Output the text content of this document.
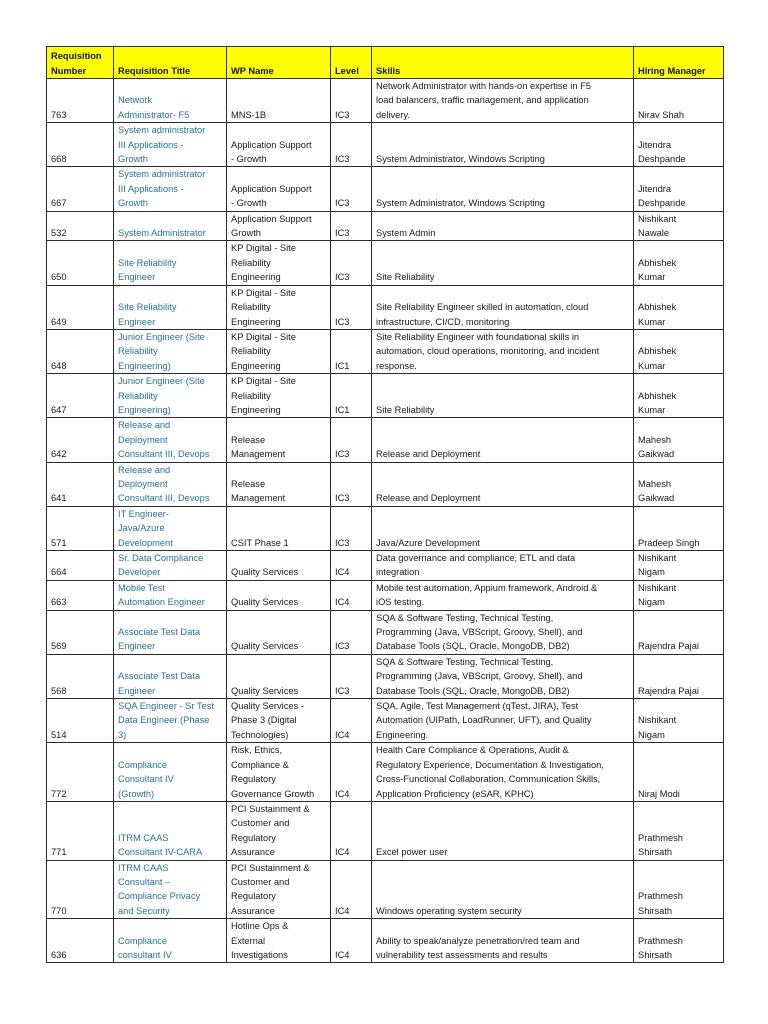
Requisition
Number	Requisition Title	WP Name	Level	Skills	Hiring Manager
763	Network
Administrator- F5	MNS-1B	IC3	Network Administrator with hands-on expertise in F5
load balancers, traffic management, and application
delivery.	Nirav Shah

668	System administrator
III Applications -
Growth	Application Support
- Growth	IC3	System Administrator, Windows Scripting	Jitendra
Deshpande

667	System administrator
III Applications -
Growth	Application Support
- Growth	IC3	System Administrator, Windows Scripting	Jitendra
Deshpande

532	System Administrator	Application Support
Growth	IC3	System Admin	Nishikant
Nawale

650	Site Reliability
Engineer	KP Digital - Site
Reliability
Engineering	IC3	Site Reliability	Abhishek
Kumar

649	Site Reliability
Engineer	KP Digital - Site
Reliability
Engineering	IC3	Site Reliability Engineer skilled in automation, cloud
infrastructure, CI/CD, monitoring	Abhishek
Kumar

648	Junior Engineer (Site
Reliability
Engineering)	KP Digital - Site
Reliability
Engineering	IC1	Site Reliability Engineer with foundational skills in
automation, cloud operations, monitoring, and incident
response.	Abhishek
Kumar

647	Junior Engineer (Site
Reliability
Engineering)	KP Digital - Site
Reliability
Engineering	IC1	Site Reliability	Abhishek
Kumar

642	Release and
Deployment
Consultant III, Devops	Release
Management	IC3	Release and Deployment	Mahesh
Gaikwad

641	Release and
Deployment
Consultant III, Devops	Release
Management	IC3	Release and Deployment	Mahesh
Gaikwad

571	IT Engineer-
Java/Azure
Development	CSIT Phase 1	IC3	Java/Azure Development	Pradeep Singh

664	Sr. Data Compliance
Developer	Quality Services	IC4	Data governance and compliance, ETL and data
integration	Nishikant
Nigam

663	Mobile Test
Automation Engineer	Quality Services	IC4	Mobile test automation, Appium framework, Android &
iOS testing.	Nishikant
Nigam

569	Associate Test Data
Engineer	Quality Services	IC3	SQA & Software Testing, Technical Testing,
Programming (Java, VBScript, Groovy, Shell), and
Database Tools (SQL, Oracle, MongoDB, DB2)	Rajendra Pajai

568	Associate Test Data
Engineer	Quality Services	IC3	SQA & Software Testing, Technical Testing,
Programming (Java, VBScript, Groovy, Shell), and
Database Tools (SQL, Oracle, MongoDB, DB2)	Rajendra Pajai

514	SQA Engineer - Sr Test
Data Engineer (Phase
3)	Quality Services -
Phase 3 (Digital
Technologies)	IC4	SQA, Agile, Test Management (qTest, JIRA), Test
Automation (UIPath, LoadRunner, UFT), and Quality
Engineering.	Nishikant
Nigam

772	Compliance
Consultant IV
(Growth)	Risk, Ethics,
Compliance &
Regulatory
Governance Growth	IC4	Health Care Compliance & Operations, Audit &
Regulatory Experience, Documentation & Investigation,
Cross-Functional Collaboration, Communication Skills,
Application Proficiency (eSAR, KPHC)	Niraj Modi

771	ITRM CAAS
Consultant IV-CARA	PCI Sustainment &
Customer and
Regulatory
Assurance	IC4	Excel power user	Prathmesh
Shirsath

770	ITRM CAAS
Consultant –
Compliance Privacy
and Security	PCI Sustainment &
Customer and
Regulatory
Assurance	IC4	Windows operating system security	Prathmesh
Shirsath

636	Compliance
consultant IV	Hotline Ops &
External
Investigations	IC4	Ability to speak/analyze penetration/red team and
vulnerability test assessments and results	Prathmesh
Shirsath
